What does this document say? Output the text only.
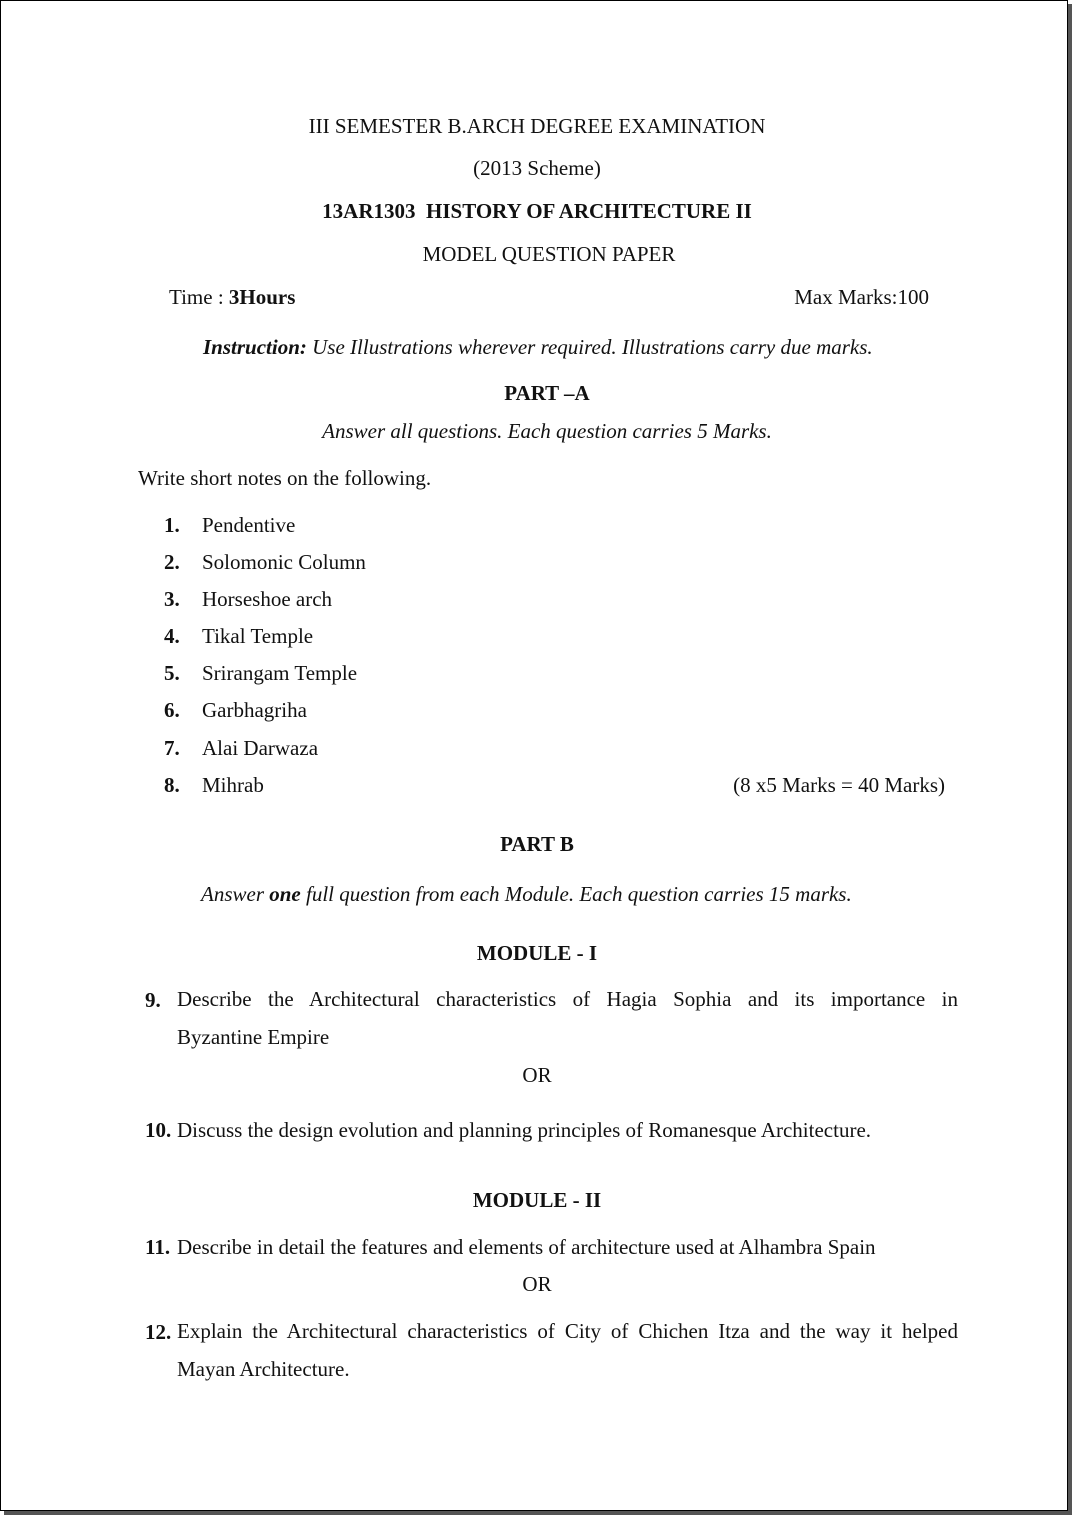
III SEMESTER B.ARCH DEGREE EXAMINATION
(2013 Scheme)
13AR1303  HISTORY OF ARCHITECTURE II
MODEL QUESTION PAPER
Time : 3Hours	Max Marks:100
Instruction: Use Illustrations wherever required. Illustrations carry due marks.
PART –A
Answer all questions. Each question carries 5 Marks.
Write short notes on the following.
1. Pendentive
2. Solomonic Column
3. Horseshoe arch
4. Tikal Temple
5. Srirangam Temple
6. Garbhagriha
7. Alai Darwaza
8. Mihrab	(8 x5 Marks = 40 Marks)
PART B
Answer one full question from each Module. Each question carries 15 marks.
MODULE - I
9. Describe the Architectural characteristics of Hagia Sophia and its importance in
Byzantine Empire
OR
10. Discuss the design evolution and planning principles of Romanesque Architecture.
MODULE - II
11. Describe in detail the features and elements of architecture used at Alhambra Spain
OR
12. Explain the Architectural characteristics of City of Chichen Itza and the way it helped
Mayan Architecture.
